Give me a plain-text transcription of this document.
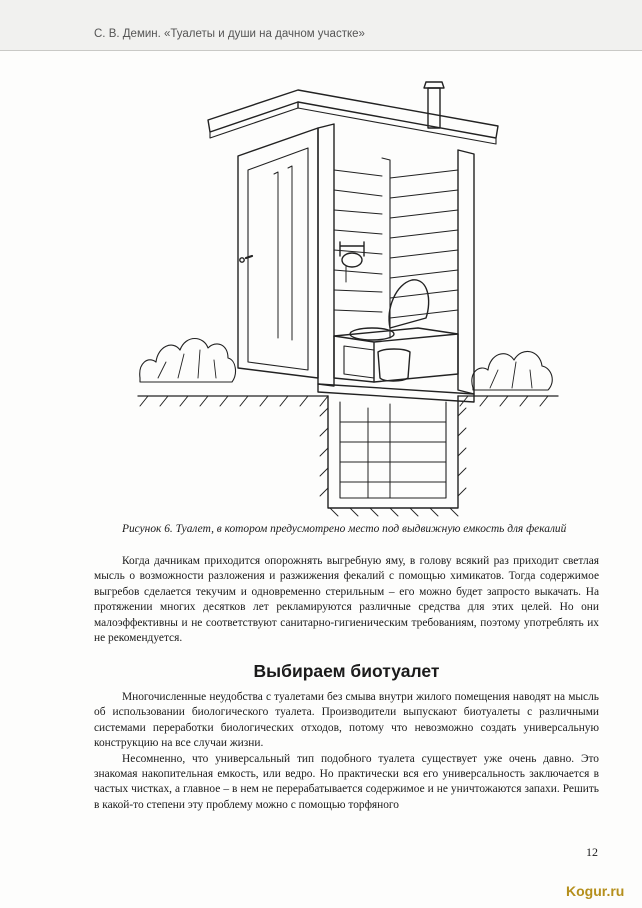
С. В. Демин. «Туалеты и души на дачном участке»
Рисунок 6. Туалет, в котором предусмотрено место под выдвижную емкость для фекалий

Когда дачникам приходится опорожнять выгребную яму, в голову всякий раз приходит светлая мысль о возможности разложения и разжижения фекалий с помощью химикатов. Тогда содержимое выгребов сделается текучим и одновременно стерильным – его можно будет запросто выкачать. На протяжении многих десятков лет рекламируются различные средства для этих целей. Но они малоэффективны и не соответствуют санитарно-гигиеническим требованиям, поэтому употреблять их не рекомендуется.

Выбираем биотуалет

Многочисленные неудобства с туалетами без смыва внутри жилого помещения наводят на мысль об использовании биологического туалета. Производители выпускают биотуалеты с различными системами переработки биологических отходов, потому что невозможно создать универсальную конструкцию на все случаи жизни.

Несомненно, что универсальный тип подобного туалета существует уже очень давно. Это знакомая накопительная емкость, или ведро. Но практически вся его универсальность заключается в частых чистках, а главное – в нем не перерабатывается содержимое и не уничтожаются запахи. Решить в какой-то степени эту проблему можно с помощью торфяного

12
Kogur.ru
